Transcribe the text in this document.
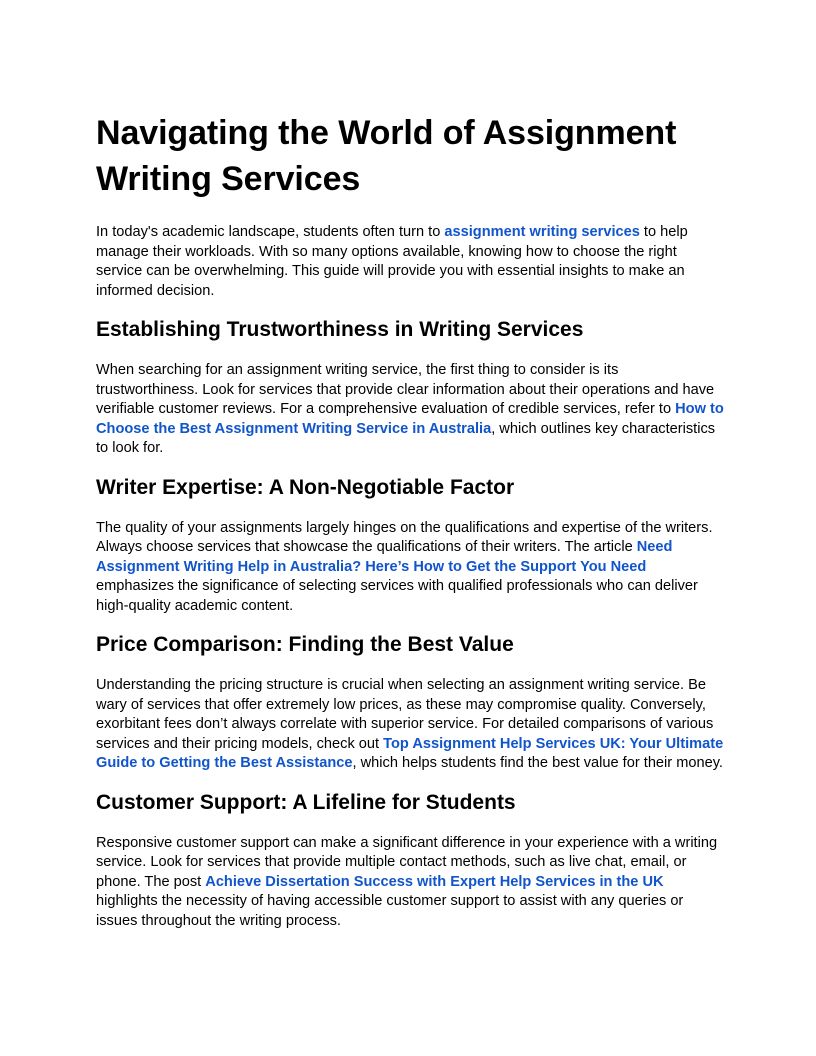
Navigating the World of Assignment Writing Services

In today's academic landscape, students often turn to assignment writing services to help manage their workloads. With so many options available, knowing how to choose the right service can be overwhelming. This guide will provide you with essential insights to make an informed decision.

Establishing Trustworthiness in Writing Services

When searching for an assignment writing service, the first thing to consider is its trustworthiness. Look for services that provide clear information about their operations and have verifiable customer reviews. For a comprehensive evaluation of credible services, refer to How to Choose the Best Assignment Writing Service in Australia, which outlines key characteristics to look for.

Writer Expertise: A Non-Negotiable Factor

The quality of your assignments largely hinges on the qualifications and expertise of the writers. Always choose services that showcase the qualifications of their writers. The article Need Assignment Writing Help in Australia? Here’s How to Get the Support You Need emphasizes the significance of selecting services with qualified professionals who can deliver high-quality academic content.

Price Comparison: Finding the Best Value

Understanding the pricing structure is crucial when selecting an assignment writing service. Be wary of services that offer extremely low prices, as these may compromise quality. Conversely, exorbitant fees don’t always correlate with superior service. For detailed comparisons of various services and their pricing models, check out Top Assignment Help Services UK: Your Ultimate Guide to Getting the Best Assistance, which helps students find the best value for their money.

Customer Support: A Lifeline for Students

Responsive customer support can make a significant difference in your experience with a writing service. Look for services that provide multiple contact methods, such as live chat, email, or phone. The post Achieve Dissertation Success with Expert Help Services in the UK highlights the necessity of having accessible customer support to assist with any queries or issues throughout the writing process.
